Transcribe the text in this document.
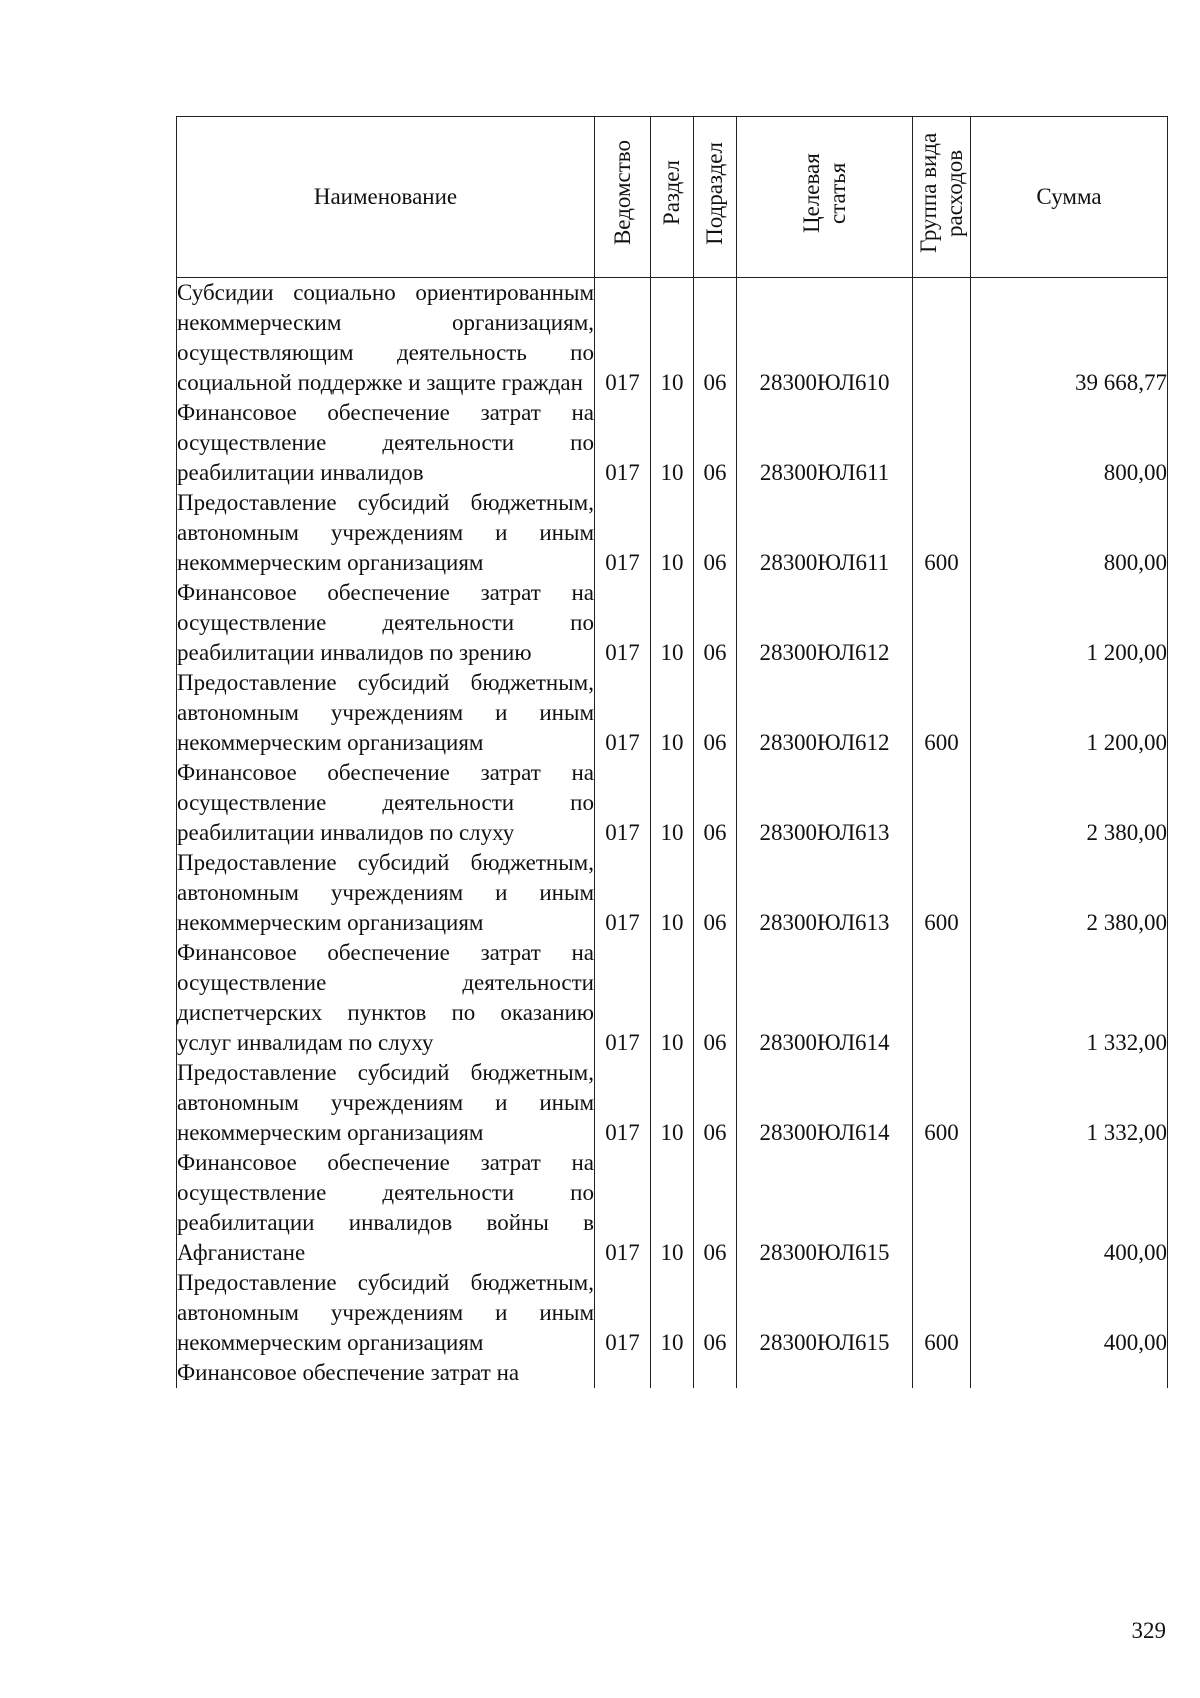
Наименование	Ведомство	Раздел	Подраздел	Целевая статья	Группа вида расходов	Сумма
Субсидии социально ориентированным некоммерческим организациям, осуществляющим деятельность по социальной поддержке и защите граждан	017	10	06	28300ЮЛ610		39 668,77
Финансовое обеспечение затрат на осуществление деятельности по реабилитации инвалидов	017	10	06	28300ЮЛ611		800,00
Предоставление субсидий бюджетным, автономным учреждениям и иным некоммерческим организациям	017	10	06	28300ЮЛ611	600	800,00
Финансовое обеспечение затрат на осуществление деятельности по реабилитации инвалидов по зрению	017	10	06	28300ЮЛ612		1 200,00
Предоставление субсидий бюджетным, автономным учреждениям и иным некоммерческим организациям	017	10	06	28300ЮЛ612	600	1 200,00
Финансовое обеспечение затрат на осуществление деятельности по реабилитации инвалидов по слуху	017	10	06	28300ЮЛ613		2 380,00
Предоставление субсидий бюджетным, автономным учреждениям и иным некоммерческим организациям	017	10	06	28300ЮЛ613	600	2 380,00
Финансовое обеспечение затрат на осуществление деятельности диспетчерских пунктов по оказанию услуг инвалидам по слуху	017	10	06	28300ЮЛ614		1 332,00
Предоставление субсидий бюджетным, автономным учреждениям и иным некоммерческим организациям	017	10	06	28300ЮЛ614	600	1 332,00
Финансовое обеспечение затрат на осуществление деятельности по реабилитации инвалидов войны в Афганистане	017	10	06	28300ЮЛ615		400,00
Предоставление субсидий бюджетным, автономным учреждениям и иным некоммерческим организациям	017	10	06	28300ЮЛ615	600	400,00
Финансовое обеспечение затрат на						
329
